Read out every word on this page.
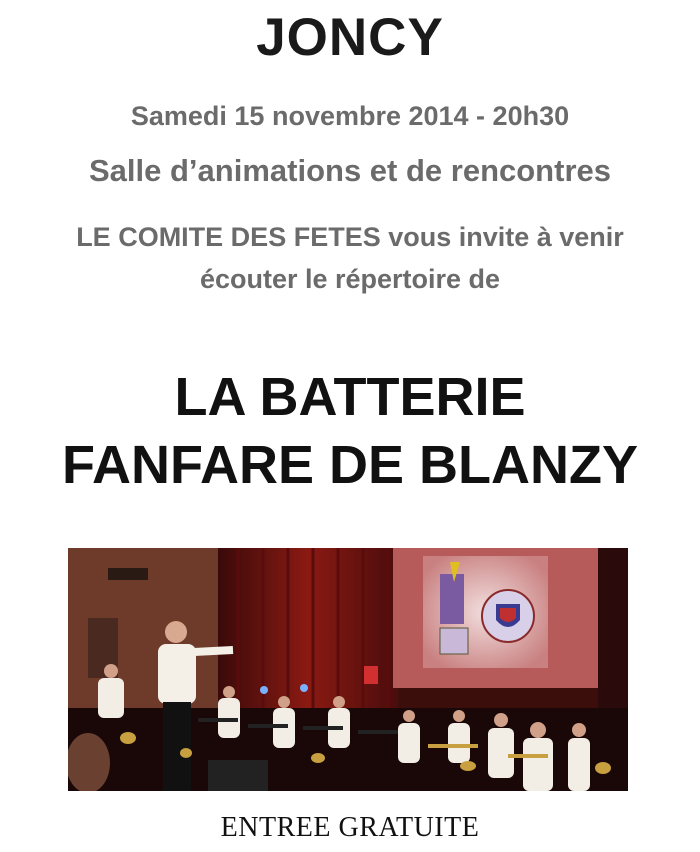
JONCY
Samedi 15 novembre 2014 - 20h30
Salle d’animations et de rencontres
LE COMITE DES FETES vous invite à venir
écouter le répertoire de
LA BATTERIE
FANFARE DE BLANZY
ENTREE GRATUITE
